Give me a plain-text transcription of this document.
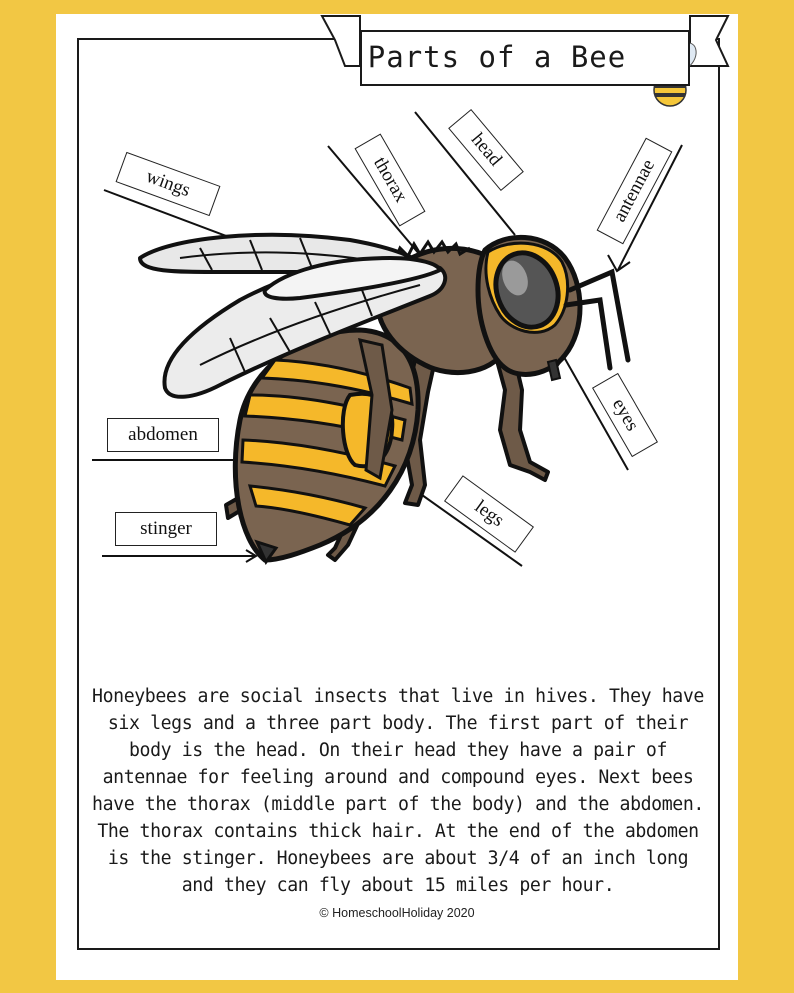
Parts of a Bee
wings	thorax
head
antennae
eyes
legs
abdomen
stinger
Honeybees are social insects that live in hives. They have six legs and a three part body. The first part of their body is the head. On their head they have a pair of antennae for feeling around and compound eyes. Next bees have the thorax (middle part of the body) and the abdomen. The thorax contains thick hair. At the end of the abdomen is the stinger. Honeybees are about 3/4 of an inch long and they can fly about 15 miles per hour.
© HomeschoolHoliday 2020
